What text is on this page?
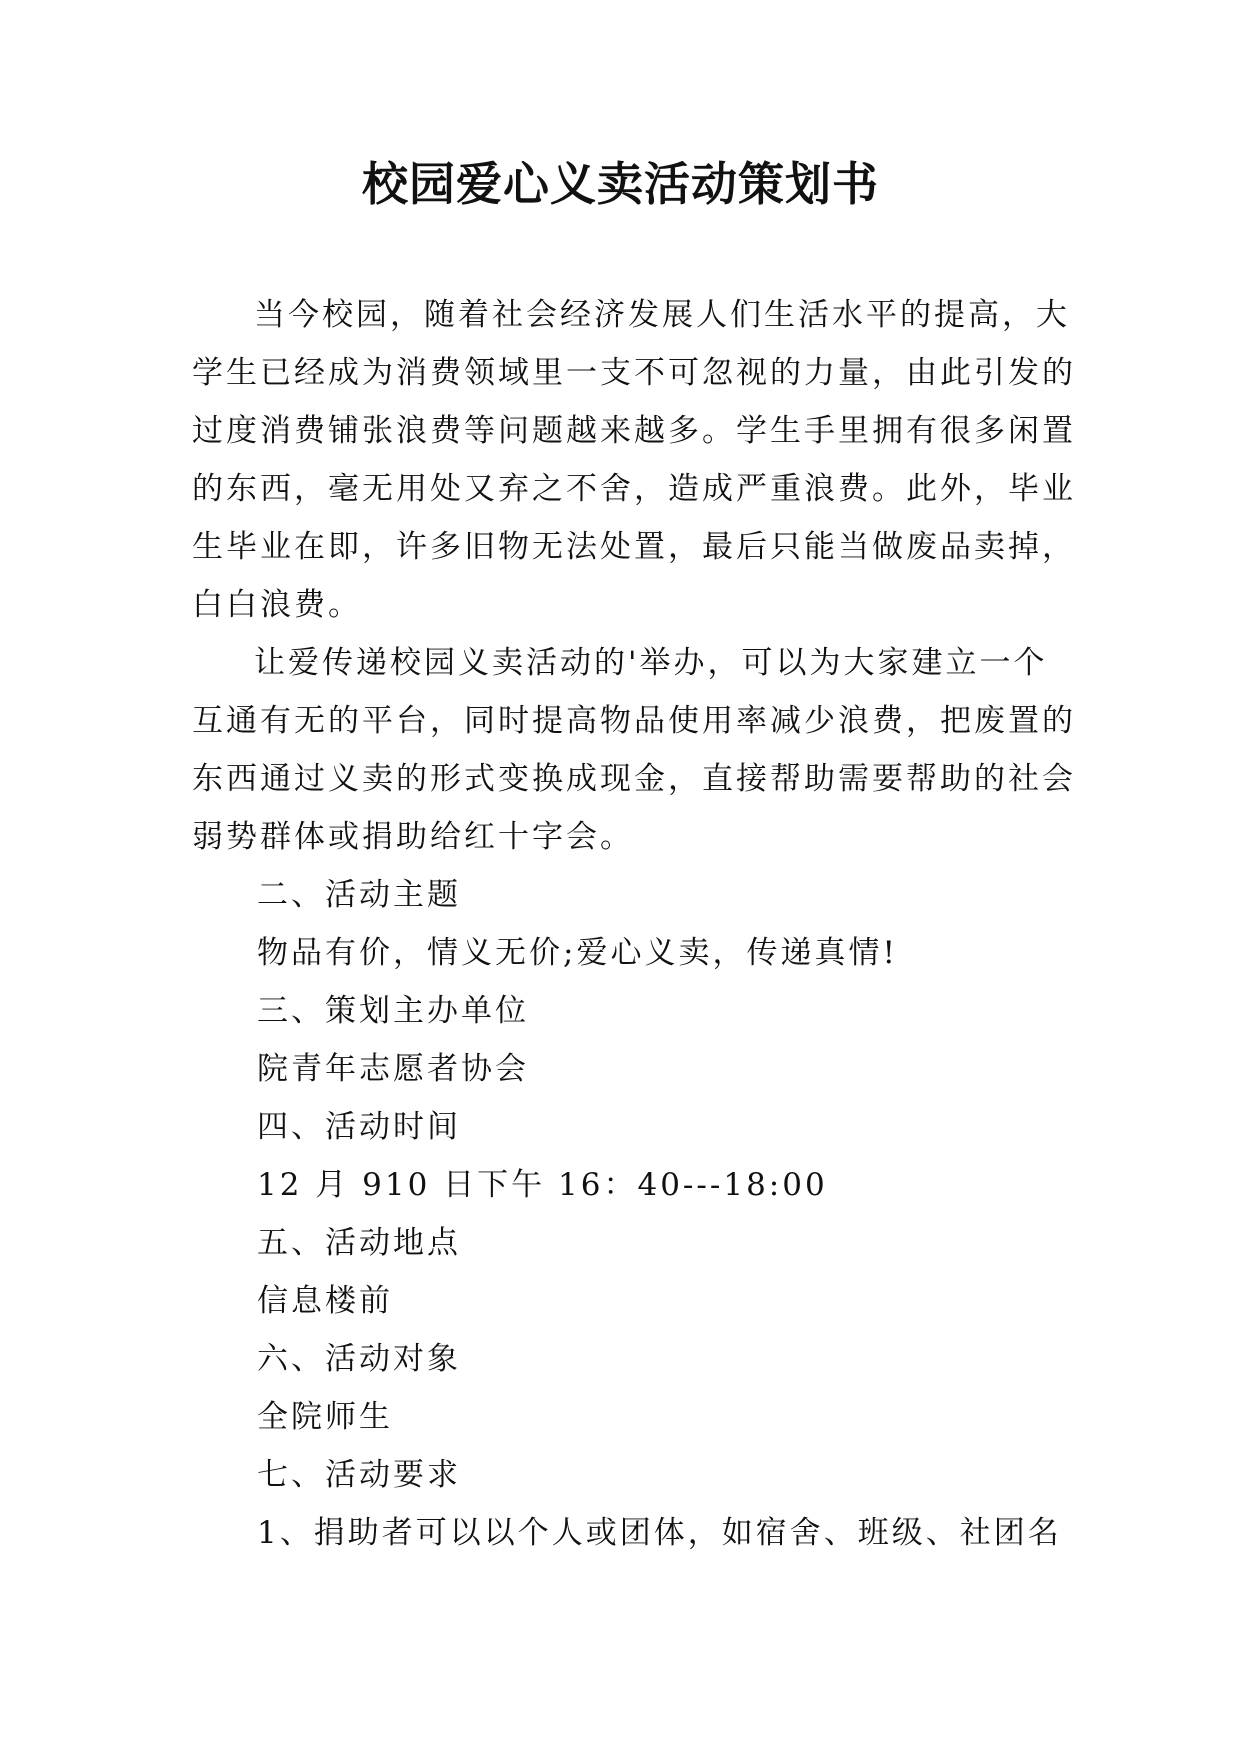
校园爱心义卖活动策划书

当今校园，随着社会经济发展人们生活水平的提高，大
学生已经成为消费领域里一支不可忽视的力量，由此引发的
过度消费铺张浪费等问题越来越多。学生手里拥有很多闲置
的东西，毫无用处又弃之不舍，造成严重浪费。此外，毕业
生毕业在即，许多旧物无法处置，最后只能当做废品卖掉，
白白浪费。

让爱传递校园义卖活动的'举办，可以为大家建立一个
互通有无的平台，同时提高物品使用率减少浪费，把废置的
东西通过义卖的形式变换成现金，直接帮助需要帮助的社会
弱势群体或捐助给红十字会。

二、活动主题

物品有价，情义无价;爱心义卖，传递真情!

三、策划主办单位

院青年志愿者协会

四、活动时间

12 月 910 日下午 16：40---18:00

五、活动地点

信息楼前

六、活动对象

全院师生

七、活动要求

1、捐助者可以以个人或团体，如宿舍、班级、社团名
